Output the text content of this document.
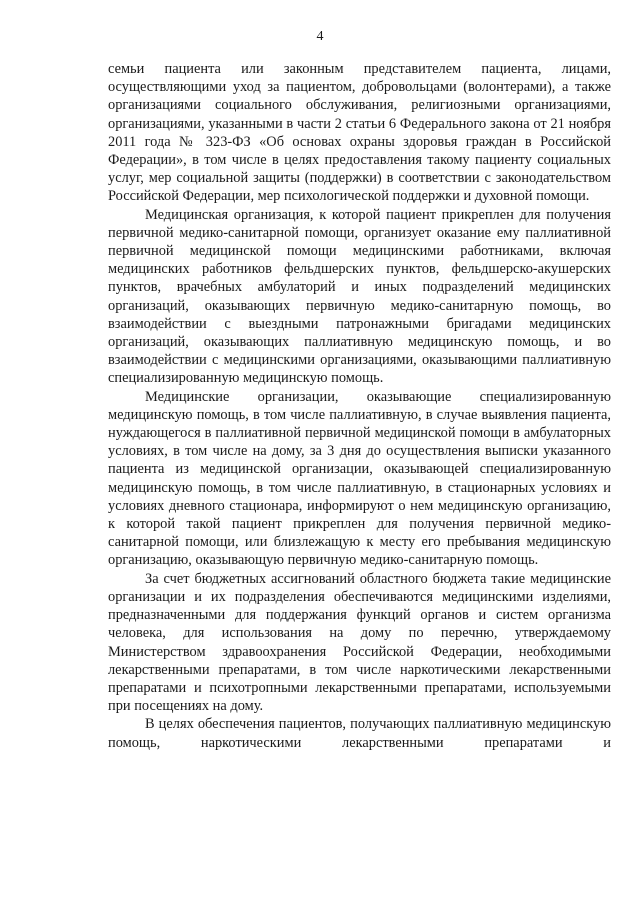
4

семьи пациента или законным представителем пациента, лицами, осуществляющими уход за пациентом, добровольцами (волонтерами), а также организациями социального обслуживания, религиозными организациями, организациями, указанными в части 2 статьи 6 Федерального закона от 21 ноября 2011 года № 323-ФЗ «Об основах охраны здоровья граждан в Российской Федерации», в том числе в целях предоставления такому пациенту социальных услуг, мер социальной защиты (поддержки) в соответствии с законодательством Российской Федерации, мер психологической поддержки и духовной помощи.

Медицинская организация, к которой пациент прикреплен для получения первичной медико-санитарной помощи, организует оказание ему паллиативной первичной медицинской помощи медицинскими работниками, включая медицинских работников фельдшерских пунктов, фельдшерско-акушерских пунктов, врачебных амбулаторий и иных подразделений медицинских организаций, оказывающих первичную медико-санитарную помощь, во взаимодействии с выездными патронажными бригадами медицинских организаций, оказывающих паллиативную медицинскую помощь, и во взаимодействии с медицинскими организациями, оказывающими паллиативную специализированную медицинскую помощь.

Медицинские организации, оказывающие специализированную медицинскую помощь, в том числе паллиативную, в случае выявления пациента, нуждающегося в паллиативной первичной медицинской помощи в амбулаторных условиях, в том числе на дому, за 3 дня до осуществления выписки указанного пациента из медицинской организации, оказывающей специализированную медицинскую помощь, в том числе паллиативную, в стационарных условиях и условиях дневного стационара, информируют о нем медицинскую организацию, к которой такой пациент прикреплен для получения первичной медико-санитарной помощи, или близлежащую к месту его пребывания медицинскую организацию, оказывающую первичную медико-санитарную помощь.

За счет бюджетных ассигнований областного бюджета такие медицинские организации и их подразделения обеспечиваются медицинскими изделиями, предназначенными для поддержания функций органов и систем организма человека, для использования на дому по перечню, утверждаемому Министерством здравоохранения Российской Федерации, необходимыми лекарственными препаратами, в том числе наркотическими лекарственными препаратами и психотропными лекарственными препаратами, используемыми при посещениях на дому.

В целях обеспечения пациентов, получающих паллиативную медицинскую помощь, наркотическими лекарственными препаратами и
